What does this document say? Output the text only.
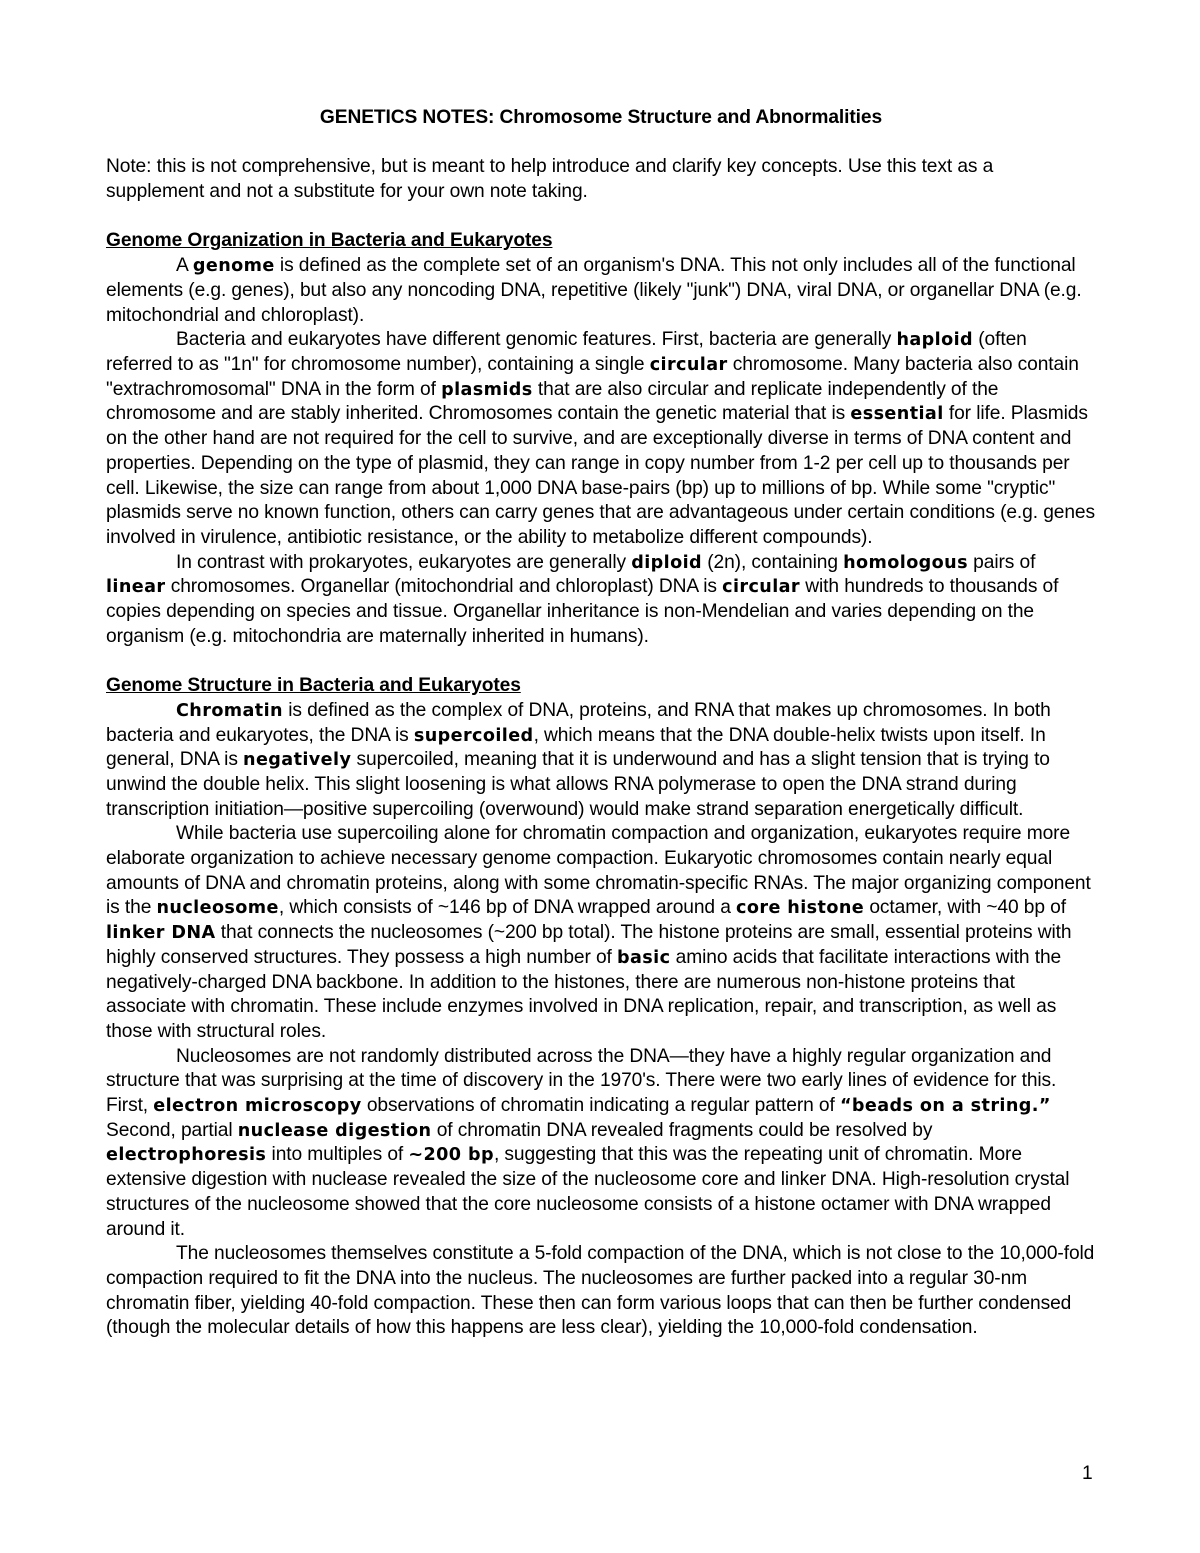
GENETICS NOTES: Chromosome Structure and Abnormalities

Note: this is not comprehensive, but is meant to help introduce and clarify key concepts. Use this text as a supplement and not a substitute for your own note taking.

Genome Organization in Bacteria and Eukaryotes

A genome is defined as the complete set of an organism's DNA. This not only includes all of the functional elements (e.g. genes), but also any noncoding DNA, repetitive (likely "junk") DNA, viral DNA, or organellar DNA (e.g. mitochondrial and chloroplast).

Bacteria and eukaryotes have different genomic features. First, bacteria are generally haploid (often referred to as "1n" for chromosome number), containing a single circular chromosome. Many bacteria also contain "extrachromosomal" DNA in the form of plasmids that are also circular and replicate independently of the chromosome and are stably inherited. Chromosomes contain the genetic material that is essential for life. Plasmids on the other hand are not required for the cell to survive, and are exceptionally diverse in terms of DNA content and properties. Depending on the type of plasmid, they can range in copy number from 1-2 per cell up to thousands per cell. Likewise, the size can range from about 1,000 DNA base-pairs (bp) up to millions of bp. While some "cryptic" plasmids serve no known function, others can carry genes that are advantageous under certain conditions (e.g. genes involved in virulence, antibiotic resistance, or the ability to metabolize different compounds).

In contrast with prokaryotes, eukaryotes are generally diploid (2n), containing homologous pairs of linear chromosomes. Organellar (mitochondrial and chloroplast) DNA is circular with hundreds to thousands of copies depending on species and tissue. Organellar inheritance is non-Mendelian and varies depending on the organism (e.g. mitochondria are maternally inherited in humans).

Genome Structure in Bacteria and Eukaryotes

Chromatin is defined as the complex of DNA, proteins, and RNA that makes up chromosomes. In both bacteria and eukaryotes, the DNA is supercoiled, which means that the DNA double-helix twists upon itself. In general, DNA is negatively supercoiled, meaning that it is underwound and has a slight tension that is trying to unwind the double helix. This slight loosening is what allows RNA polymerase to open the DNA strand during transcription initiation—positive supercoiling (overwound) would make strand separation energetically difficult.

While bacteria use supercoiling alone for chromatin compaction and organization, eukaryotes require more elaborate organization to achieve necessary genome compaction. Eukaryotic chromosomes contain nearly equal amounts of DNA and chromatin proteins, along with some chromatin-specific RNAs. The major organizing component is the nucleosome, which consists of ~146 bp of DNA wrapped around a core histone octamer, with ~40 bp of linker DNA that connects the nucleosomes (~200 bp total). The histone proteins are small, essential proteins with highly conserved structures. They possess a high number of basic amino acids that facilitate interactions with the negatively-charged DNA backbone. In addition to the histones, there are numerous non-histone proteins that associate with chromatin. These include enzymes involved in DNA replication, repair, and transcription, as well as those with structural roles.

Nucleosomes are not randomly distributed across the DNA—they have a highly regular organization and structure that was surprising at the time of discovery in the 1970's. There were two early lines of evidence for this. First, electron microscopy observations of chromatin indicating a regular pattern of “beads on a string.” Second, partial nuclease digestion of chromatin DNA revealed fragments could be resolved by electrophoresis into multiples of ~200 bp, suggesting that this was the repeating unit of chromatin. More extensive digestion with nuclease revealed the size of the nucleosome core and linker DNA. High-resolution crystal structures of the nucleosome showed that the core nucleosome consists of a histone octamer with DNA wrapped around it.

The nucleosomes themselves constitute a 5-fold compaction of the DNA, which is not close to the 10,000-fold compaction required to fit the DNA into the nucleus. The nucleosomes are further packed into a regular 30-nm chromatin fiber, yielding 40-fold compaction. These then can form various loops that can then be further condensed (though the molecular details of how this happens are less clear), yielding the 10,000-fold condensation.

1
